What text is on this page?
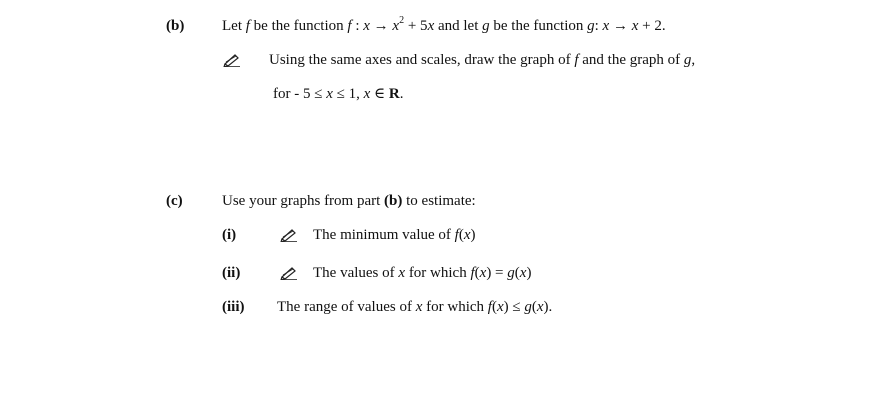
(b)	Let f be the function f : $x \to x^2 + 5x$ and let g be the function g: x → x + 2.
Using the same axes and scales, draw the graph of f and the graph of g,
for - 5 ≤ x ≤ 1, x ∈ R.
(c)	Use your graphs from part (b) to estimate:
(i)	The minimum value of f(x)
(ii)	The values of x for which f(x) = g(x)
(iii) The range of values of x for which f(x) ≤ g(x).
